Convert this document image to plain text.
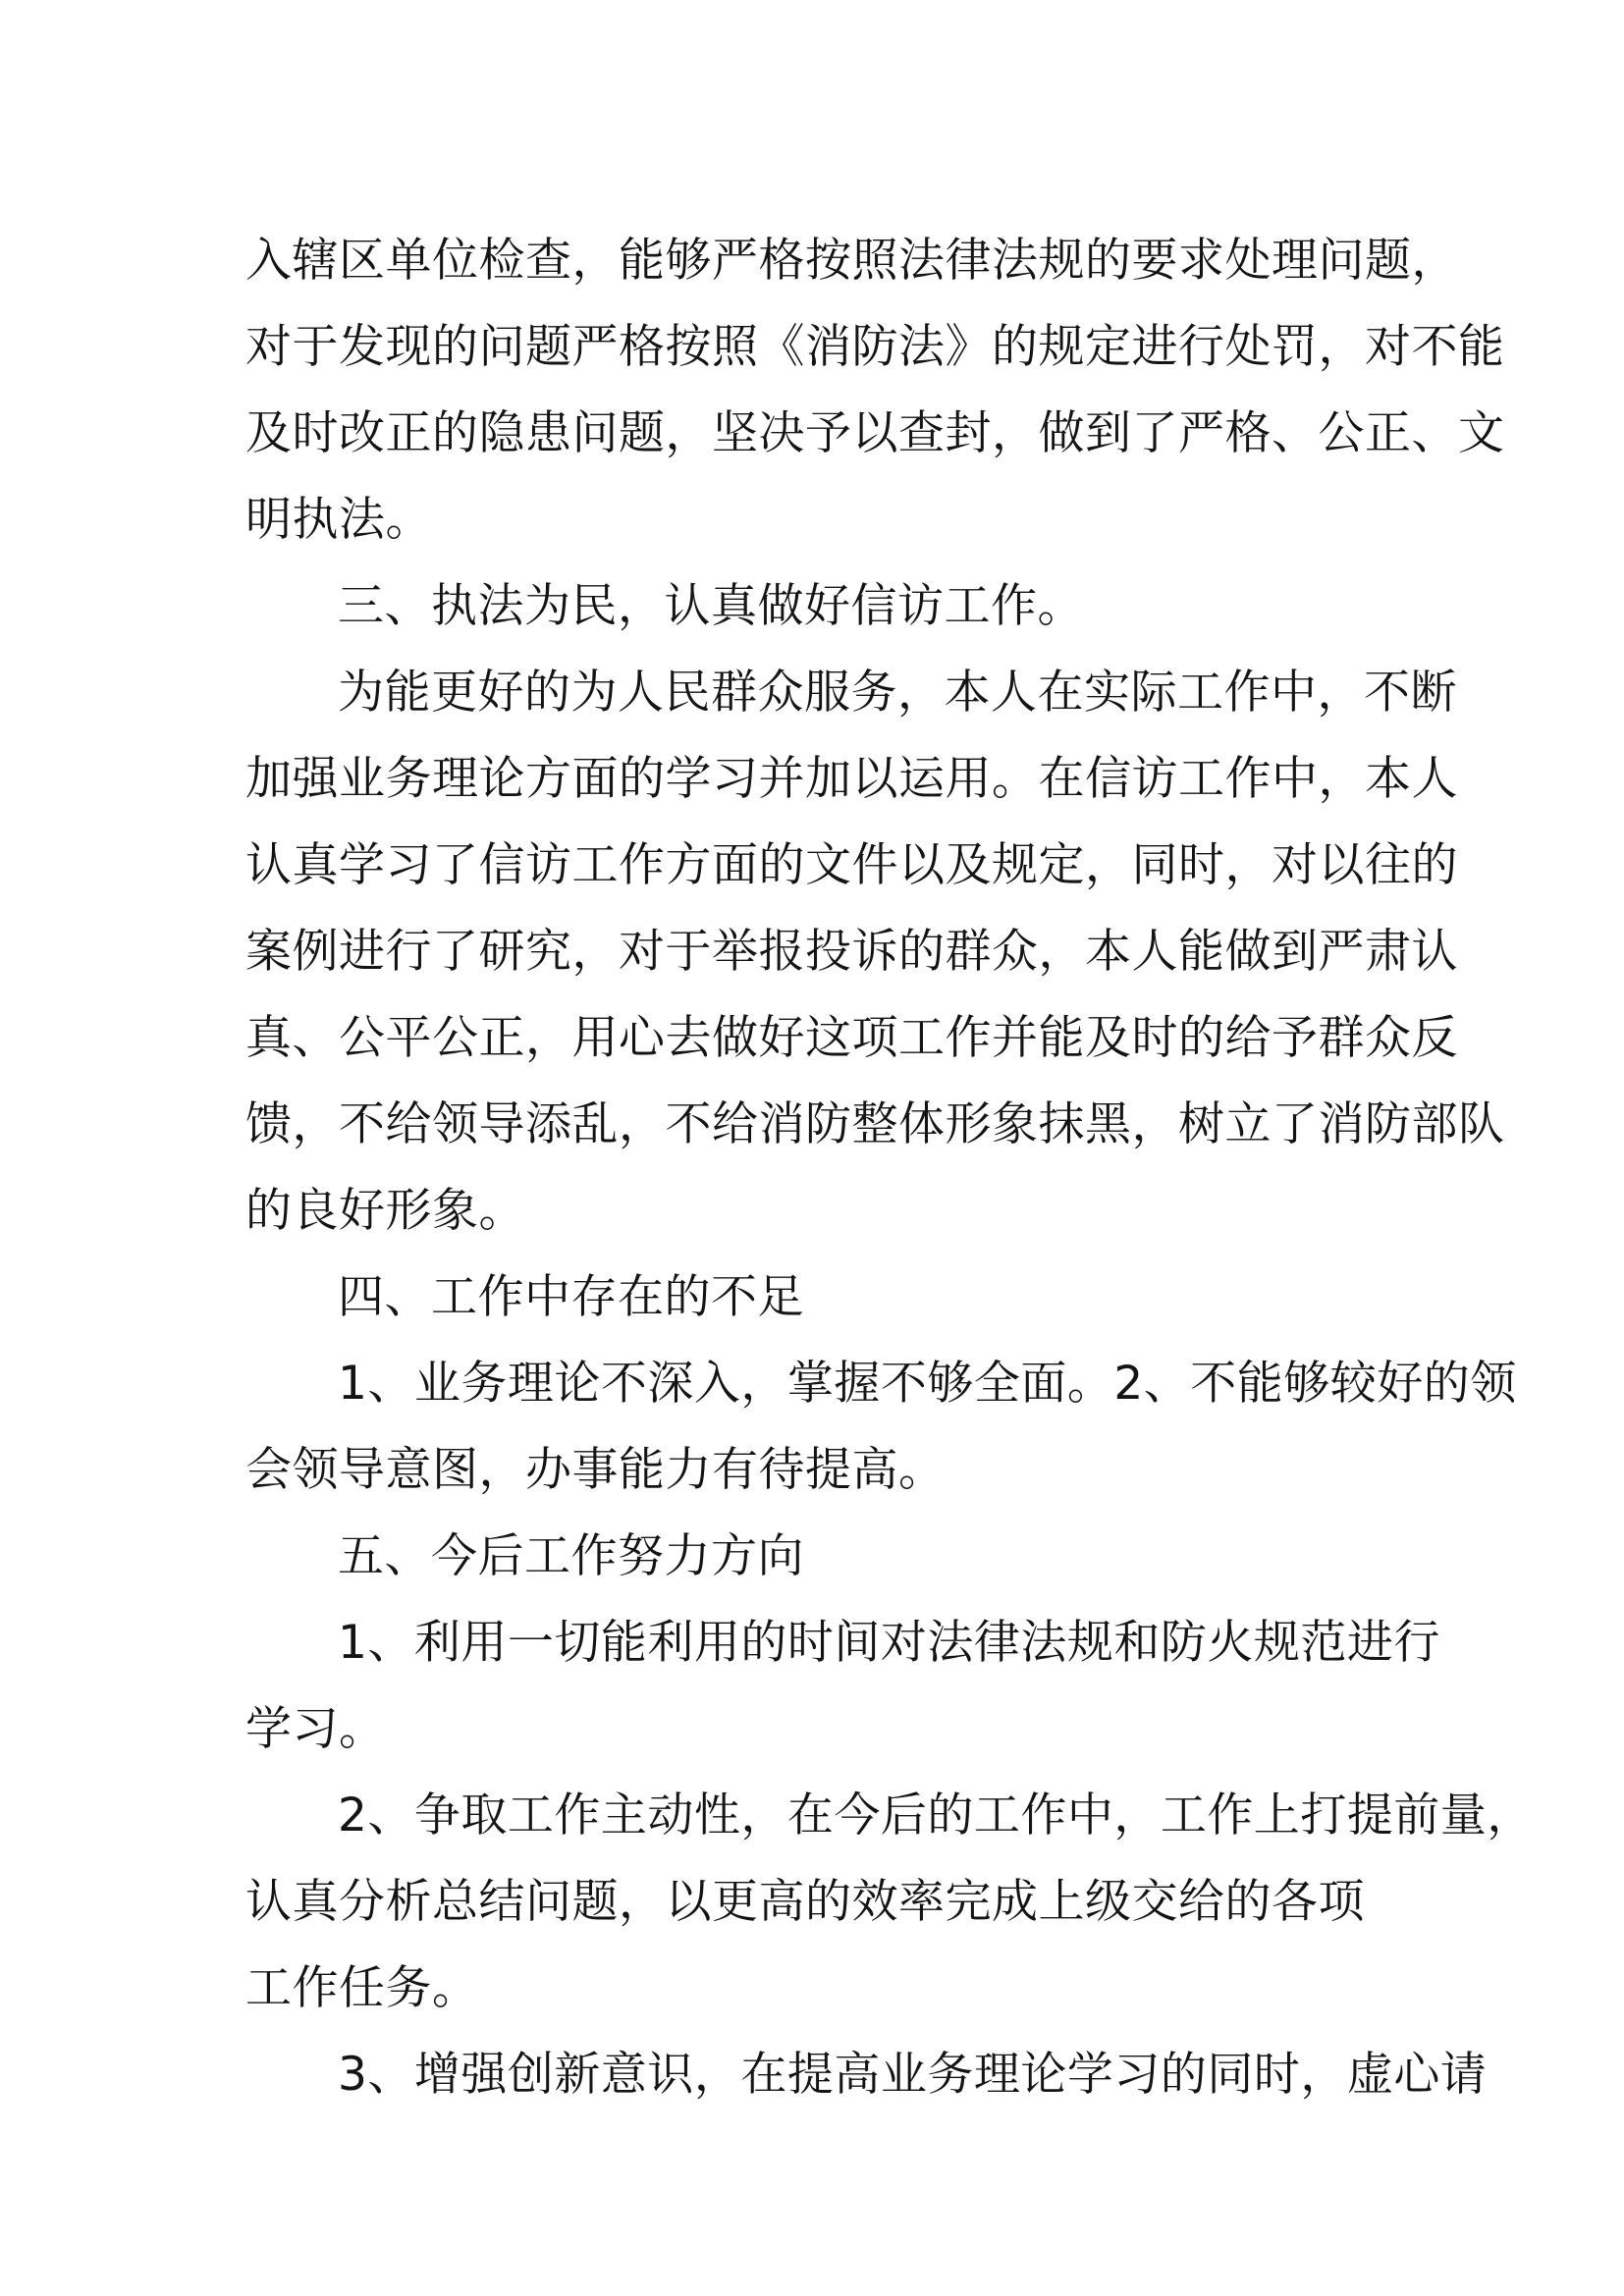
入辖区单位检查，能够严格按照法律法规的要求处理问题，
对于发现的问题严格按照《消防法》的规定进行处罚，对不能
及时改正的隐患问题，坚决予以查封，做到了严格、公正、文
明执法。

三、执法为民，认真做好信访工作。

为能更好的为人民群众服务，本人在实际工作中，不断
加强业务理论方面的学习并加以运用。在信访工作中，本人
认真学习了信访工作方面的文件以及规定，同时，对以往的
案例进行了研究，对于举报投诉的群众，本人能做到严肃认
真、公平公正，用心去做好这项工作并能及时的给予群众反
馈，不给领导添乱，不给消防整体形象抹黑，树立了消防部队
的良好形象。

四、工作中存在的不足

1、业务理论不深入，掌握不够全面。2、不能够较好的领
会领导意图，办事能力有待提高。

五、今后工作努力方向

1、利用一切能利用的时间对法律法规和防火规范进行
学习。

2、争取工作主动性，在今后的工作中，工作上打提前量，
认真分析总结问题，以更高的效率完成上级交给的各项
工作任务。

3、增强创新意识，在提高业务理论学习的同时，虚心请
